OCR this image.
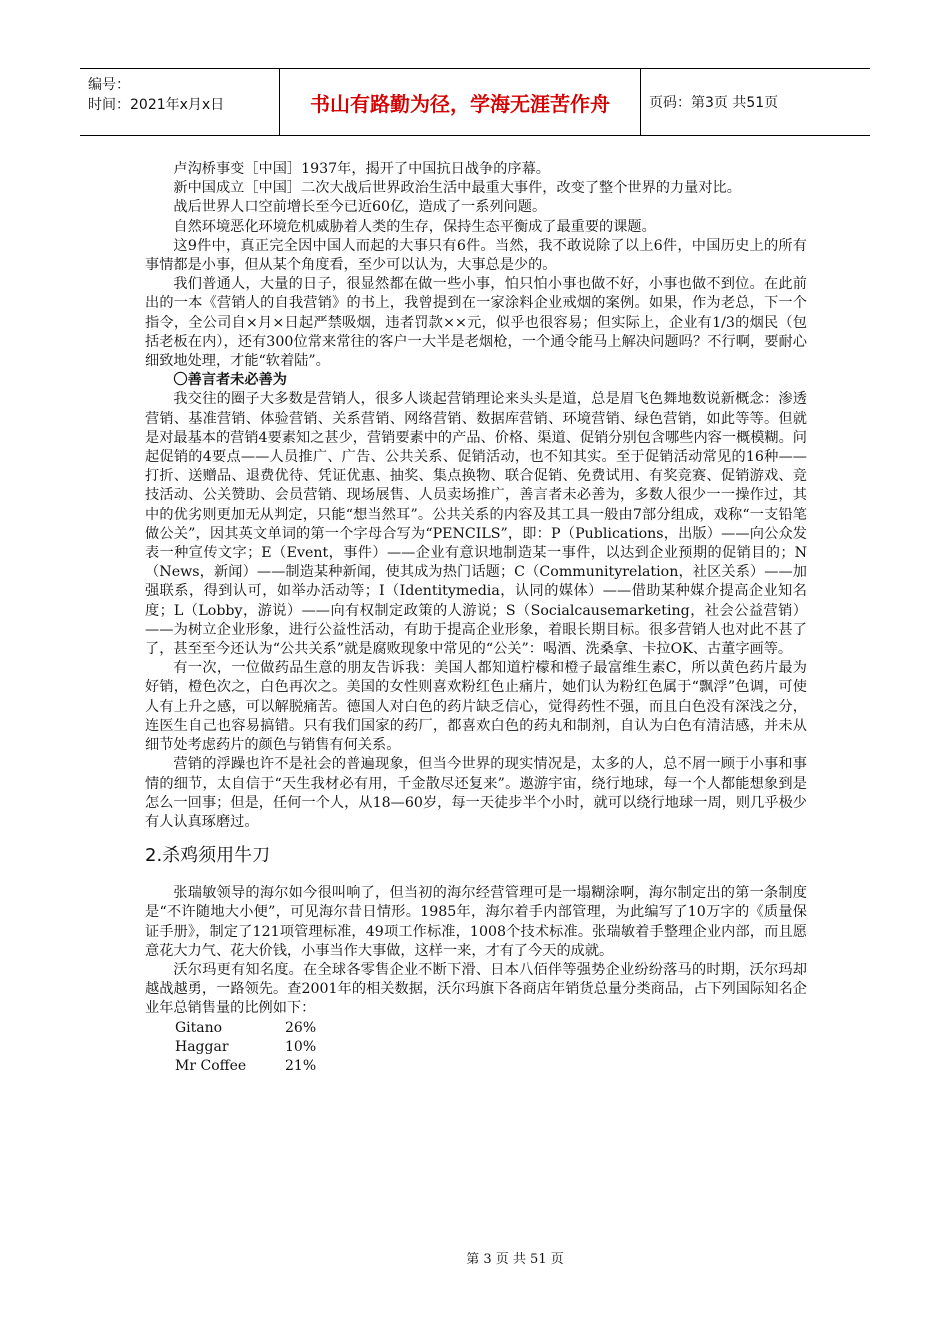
编号：
时间：2021年x月x日	书山有路勤为径，学海无涯苦作舟	页码：第3页 共51页

卢沟桥事变［中国］1937年，揭开了中国抗日战争的序幕。

新中国成立［中国］二次大战后世界政治生活中最重大事件，改变了整个世界的力量对比。

战后世界人口空前增长至今已近60亿，造成了一系列问题。

自然环境恶化环境危机威胁着人类的生存，保持生态平衡成了最重要的课题。

这9件中，真正完全因中国人而起的大事只有6件。当然，我不敢说除了以上6件，中国历史上的所有事情都是小事，但从某个角度看，至少可以认为，大事总是少的。

我们普通人，大量的日子，很显然都在做一些小事，怕只怕小事也做不好，小事也做不到位。在此前出的一本《营销人的自我营销》的书上，我曾提到在一家涂料企业戒烟的案例。如果，作为老总，下一个指令，全公司自×月×日起严禁吸烟，违者罚款××元，似乎也很容易；但实际上，企业有1/3的烟民（包括老板在内），还有300位常来常往的客户一大半是老烟枪，一个通令能马上解决问题吗？不行啊，要耐心细致地处理，才能“软着陆”。

〇善言者未必善为

我交往的圈子大多数是营销人，很多人谈起营销理论来头头是道，总是眉飞色舞地数说新概念：渗透营销、基准营销、体验营销、关系营销、网络营销、数据库营销、环境营销、绿色营销，如此等等。但就是对最基本的营销4要素知之甚少，营销要素中的产品、价格、渠道、促销分别包含哪些内容一概模糊。问起促销的4要点——人员推广、广告、公共关系、促销活动，也不知其实。至于促销活动常见的16种——打折、送赠品、退费优待、凭证优惠、抽奖、集点换物、联合促销、免费试用、有奖竞赛、促销游戏、竞技活动、公关赞助、会员营销、现场展售、人员卖场推广，善言者未必善为，多数人很少一一操作过，其中的优劣则更加无从判定，只能“想当然耳”。公共关系的内容及其工具一般由7部分组成，戏称“一支铅笔做公关”，因其英文单词的第一个字母合写为“PENCILS”，即：P（Publications，出版）——向公众发表一种宣传文字；E（Event，事件）——企业有意识地制造某一事件，以达到企业预期的促销目的；N（News，新闻）——制造某种新闻，使其成为热门话题；C（Communityrelation，社区关系）——加强联系，得到认可，如举办活动等；I（Identitymedia，认同的媒体）——借助某种媒介提高企业知名度；L（Lobby，游说）——向有权制定政策的人游说；S（Socialcausemarketing，社会公益营销）——为树立企业形象，进行公益性活动，有助于提高企业形象，着眼长期目标。很多营销人也对此不甚了了，甚至至今还认为“公共关系”就是腐败现象中常见的“公关”：喝酒、洗桑拿、卡拉OK、古董字画等。

有一次，一位做药品生意的朋友告诉我：美国人都知道柠檬和橙子最富维生素C，所以黄色药片最为好销，橙色次之，白色再次之。美国的女性则喜欢粉红色止痛片，她们认为粉红色属于“飘浮”色调，可使人有上升之感，可以解脱痛苦。德国人对白色的药片缺乏信心，觉得药性不强，而且白色没有深浅之分，连医生自己也容易搞错。只有我们国家的药厂，都喜欢白色的药丸和制剂，自认为白色有清洁感，并未从细节处考虑药片的颜色与销售有何关系。

营销的浮躁也许不是社会的普遍现象，但当今世界的现实情况是，太多的人，总不屑一顾于小事和事情的细节，太自信于“天生我材必有用，千金散尽还复来”。遨游宇宙，绕行地球，每一个人都能想象到是怎么一回事；但是，任何一个人，从18—60岁，每一天徒步半个小时，就可以绕行地球一周，则几乎极少有人认真琢磨过。

2.杀鸡须用牛刀

张瑞敏领导的海尔如今很叫响了，但当初的海尔经营管理可是一塌糊涂啊，海尔制定出的第一条制度是“不许随地大小便”，可见海尔昔日情形。1985年，海尔着手内部管理，为此编写了10万字的《质量保证手册》，制定了121项管理标准，49项工作标准，1008个技术标准。张瑞敏着手整理企业内部，而且愿意花大力气、花大价钱，小事当作大事做，这样一来，才有了今天的成就。

沃尔玛更有知名度。在全球各零售企业不断下滑、日本八佰伴等强势企业纷纷落马的时期，沃尔玛却越战越勇，一路领先。查2001年的相关数据，沃尔玛旗下各商店年销货总量分类商品，占下列国际知名企业年总销售量的比例如下：

Gitano	26%
Haggar	10%
Mr Coffee	21%
第 3 页 共 51 页
